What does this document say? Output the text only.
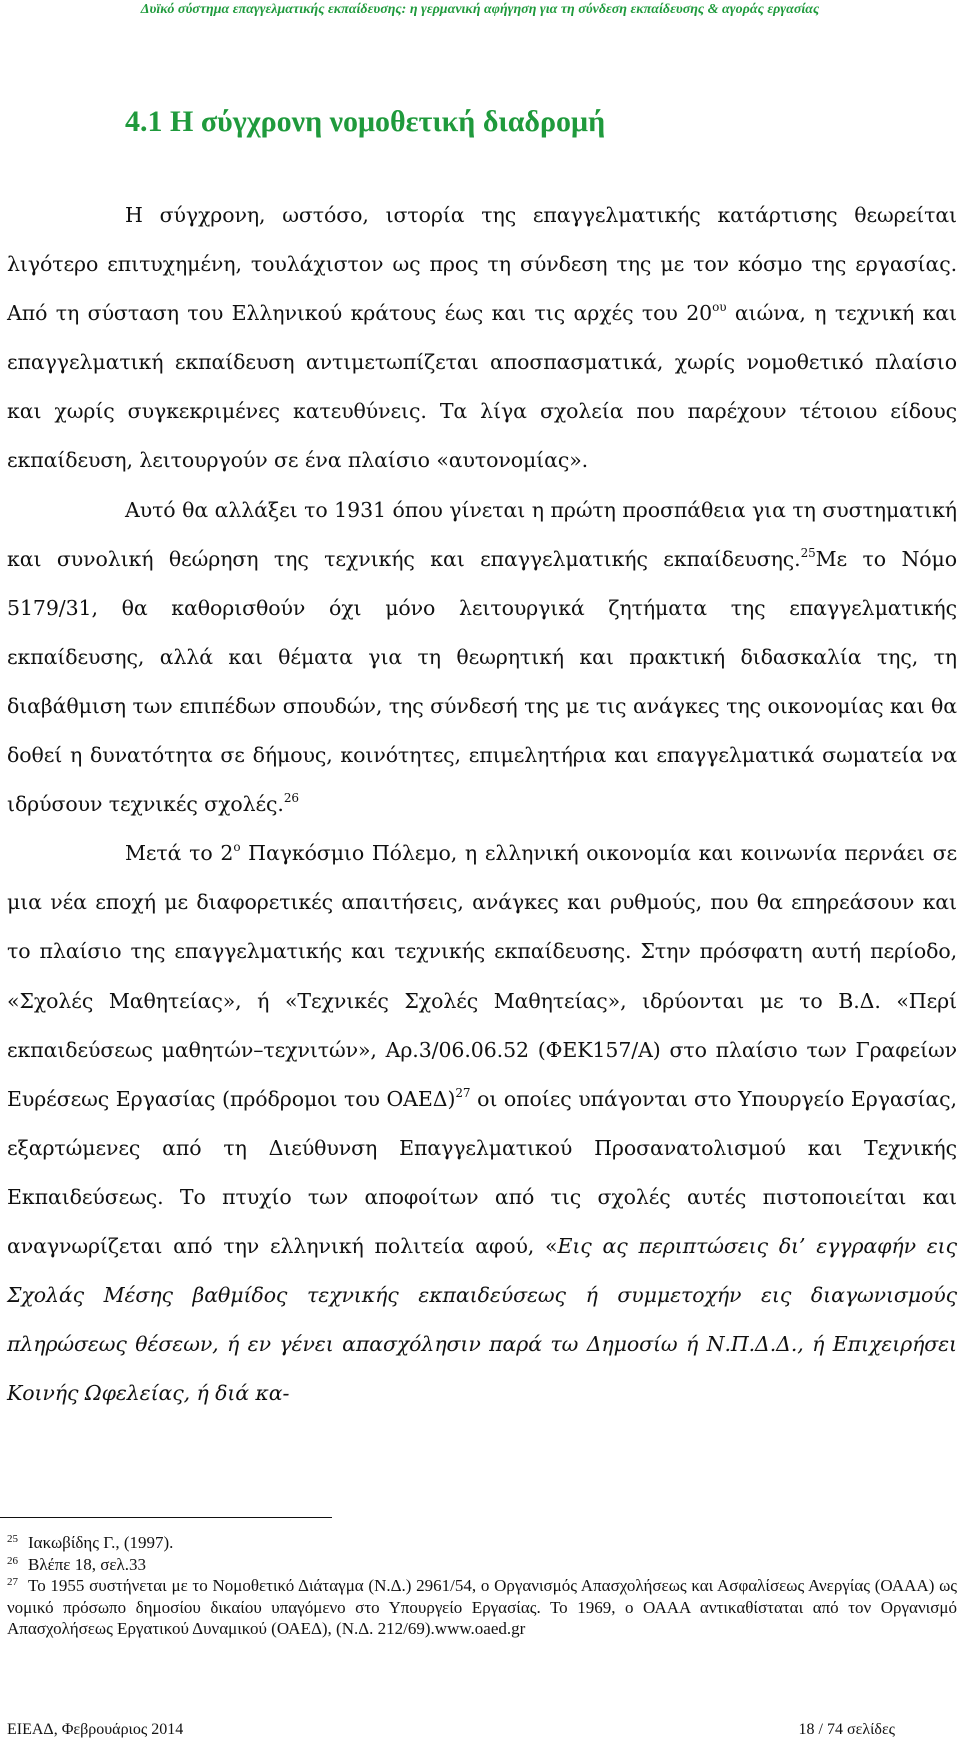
Δυϊκό σύστημα επαγγελματικής εκπαίδευσης: η γερμανική αφήγηση για τη σύνδεση εκπαίδευσης & αγοράς εργασίας
4.1 Η σύγχρονη νομοθετική διαδρομή

Η σύγχρονη, ωστόσο, ιστορία της επαγγελματικής κατάρτισης θεωρείται λιγότερο επιτυχημένη, τουλάχιστον ως προς τη σύνδεση της με τον κόσμο της εργασίας. Από τη σύσταση του Ελληνικού κράτους έως και τις αρχές του $20^{o\upsilon}$ αιώνα, η τεχνική και επαγγελματική εκπαίδευση αντιμετωπίζεται αποσπασματικά, χωρίς νομοθετικό πλαίσιο και χωρίς συγκεκριμένες κατευθύνεις. Τα λίγα σχολεία που παρέχουν τέτοιου είδους εκπαίδευση, λειτουργούν σε ένα πλαίσιο «αυτονομίας».

Αυτό θα αλλάξει το 1931 όπου γίνεται η πρώτη προσπάθεια για τη συστηματική και συνολική θεώρηση της τεχνικής και επαγγελματικής εκπαίδευσης.$^{25}$Με το Νόμο 5179/31, θα καθορισθούν όχι μόνο λειτουργικά ζητήματα της επαγγελματικής εκπαίδευσης, αλλά και θέματα για τη θεωρητική και πρακτική διδασκαλία της, τη διαβάθμιση των επιπέδων σπουδών, της σύνδεσή της με τις ανάγκες της οικονομίας και θα δοθεί η δυνατότητα σε δήμους, κοινότητες, επιμελητήρια και επαγγελματικά σωματεία να ιδρύσουν τεχνικές σχολές.$^{26}$

Μετά το $2^o$ Παγκόσμιο Πόλεμο, η ελληνική οικονομία και κοινωνία περνάει σε μια νέα εποχή με διαφορετικές απαιτήσεις, ανάγκες και ρυθμούς, που θα επηρεάσουν και το πλαίσιο της επαγγελματικής και τεχνικής εκπαίδευσης. Στην πρόσφατη αυτή περίοδο, «Σχολές Μαθητείας», ή «Τεχνικές Σχολές Μαθητείας», ιδρύονται με το Β.Δ. «Περί εκπαιδεύσεως μαθητών–τεχνιτών», Αρ.3/06.06.52 (ΦΕΚ157/Α) στο πλαίσιο των Γραφείων Ευρέσεως Εργασίας (πρόδρομοι του ΟΑΕΔ)$^{27}$ οι οποίες υπάγονται στο Υπουργείο Εργασίας, εξαρτώμενες από τη Διεύθυνση Επαγγελματικού Προσανατολισμού και Τεχνικής Εκπαιδεύσεως. Το πτυχίο των αποφοίτων από τις σχολές αυτές πιστοποιείται και αναγνωρίζεται από την ελληνική πολιτεία αφού, «Εις ας περιπτώσεις δι’ εγγραφήν εις Σχολάς Μέσης βαθμίδος τεχνικής εκπαιδεύσεως ή συμμετοχήν εις διαγωνισμούς πληρώσεως θέσεων, ή εν γένει απασχόλησιν παρά τω Δημοσίω ή Ν.Π.Δ.Δ., ή Επιχειρήσει Κοινής Ωφελείας, ή διά κα-

$^{25}$ Ιακωβίδης Γ., (1997).

$^{26}$ Βλέπε 18, σελ.33

$^{27}$ Το 1955 συστήνεται με το Νομοθετικό Διάταγμα (Ν.Δ.) 2961/54, ο Οργανισμός Απασχολήσεως και Ασφαλίσεως Ανεργίας (ΟΑΑΑ) ως νομικό πρόσωπο δημοσίου δικαίου υπαγόμενο στο Υπουργείο Εργασίας. Το 1969, ο ΟΑΑΑ αντικαθίσταται από τον Οργανισμό Απασχολήσεως Εργατικού Δυναμικού (ΟΑΕΔ), (Ν.Δ. 212/69).www.oaed.gr

ΕΙΕΑΔ, Φεβρουάριος 2014	18 / 74 σελίδες
